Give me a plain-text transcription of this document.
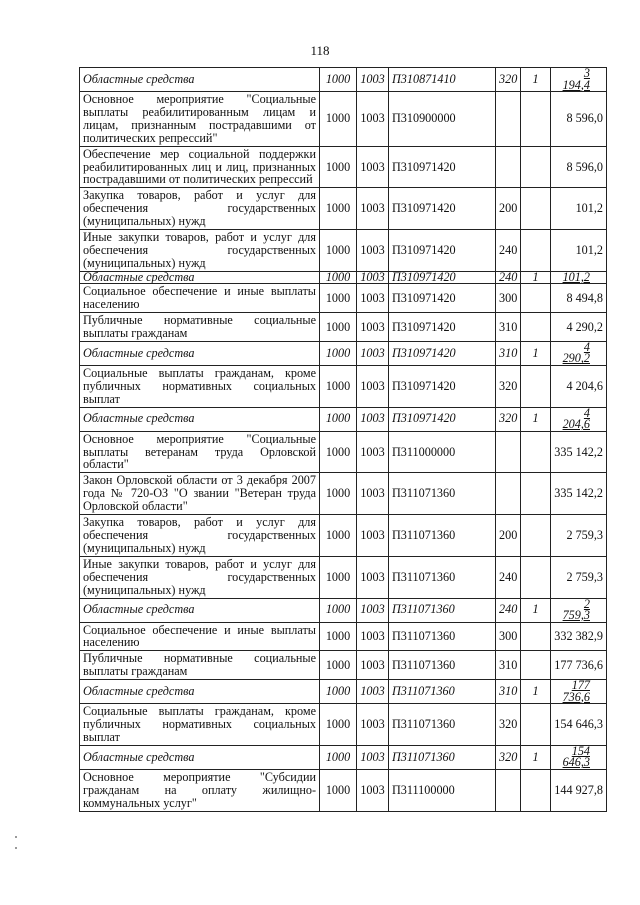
118
Областные средства	1000	1003	П310871410	320	1	3 194,4
Основное мероприятие "Социальные выплаты реабилитированным лицам и лицам, признанным пострадавшими от политических репрессий"	1000	1003	П310900000			8 596,0
Обеспечение мер социальной поддержки реабилитированных лиц и лиц, признанных пострадавшими от политических репрессий	1000	1003	П310971420			8 596,0
Закупка товаров, работ и услуг для обеспечения государственных (муниципальных) нужд	1000	1003	П310971420	200		101,2
Иные закупки товаров, работ и услуг для обеспечения государственных (муниципальных) нужд	1000	1003	П310971420	240		101,2
Областные средства	1000	1003	П310971420	240	1	101,2
Социальное обеспечение и иные выплаты населению	1000	1003	П310971420	300		8 494,8
Публичные нормативные социальные выплаты гражданам	1000	1003	П310971420	310		4 290,2
Областные средства	1000	1003	П310971420	310	1	4 290,2
Социальные выплаты гражданам, кроме публичных нормативных социальных выплат	1000	1003	П310971420	320		4 204,6
Областные средства	1000	1003	П310971420	320	1	4 204,6
Основное мероприятие "Социальные выплаты ветеранам труда Орловской области"	1000	1003	П311000000			335 142,2
Закон Орловской области от 3 декабря 2007 года № 720-ОЗ "О звании "Ветеран труда Орловской области"	1000	1003	П311071360			335 142,2
Закупка товаров, работ и услуг для обеспечения государственных (муниципальных) нужд	1000	1003	П311071360	200		2 759,3
Иные закупки товаров, работ и услуг для обеспечения государственных (муниципальных) нужд	1000	1003	П311071360	240		2 759,3
Областные средства	1000	1003	П311071360	240	1	2 759,3
Социальное обеспечение и иные выплаты населению	1000	1003	П311071360	300		332 382,9
Публичные нормативные социальные выплаты гражданам	1000	1003	П311071360	310		177 736,6
Областные средства	1000	1003	П311071360	310	1	177 736,6
Социальные выплаты гражданам, кроме публичных нормативных социальных выплат	1000	1003	П311071360	320		154 646,3
Областные средства	1000	1003	П311071360	320	1	154 646,3
Основное мероприятие "Субсидии гражданам на оплату жилищно-коммунальных услуг"	1000	1003	П311100000			144 927,8
